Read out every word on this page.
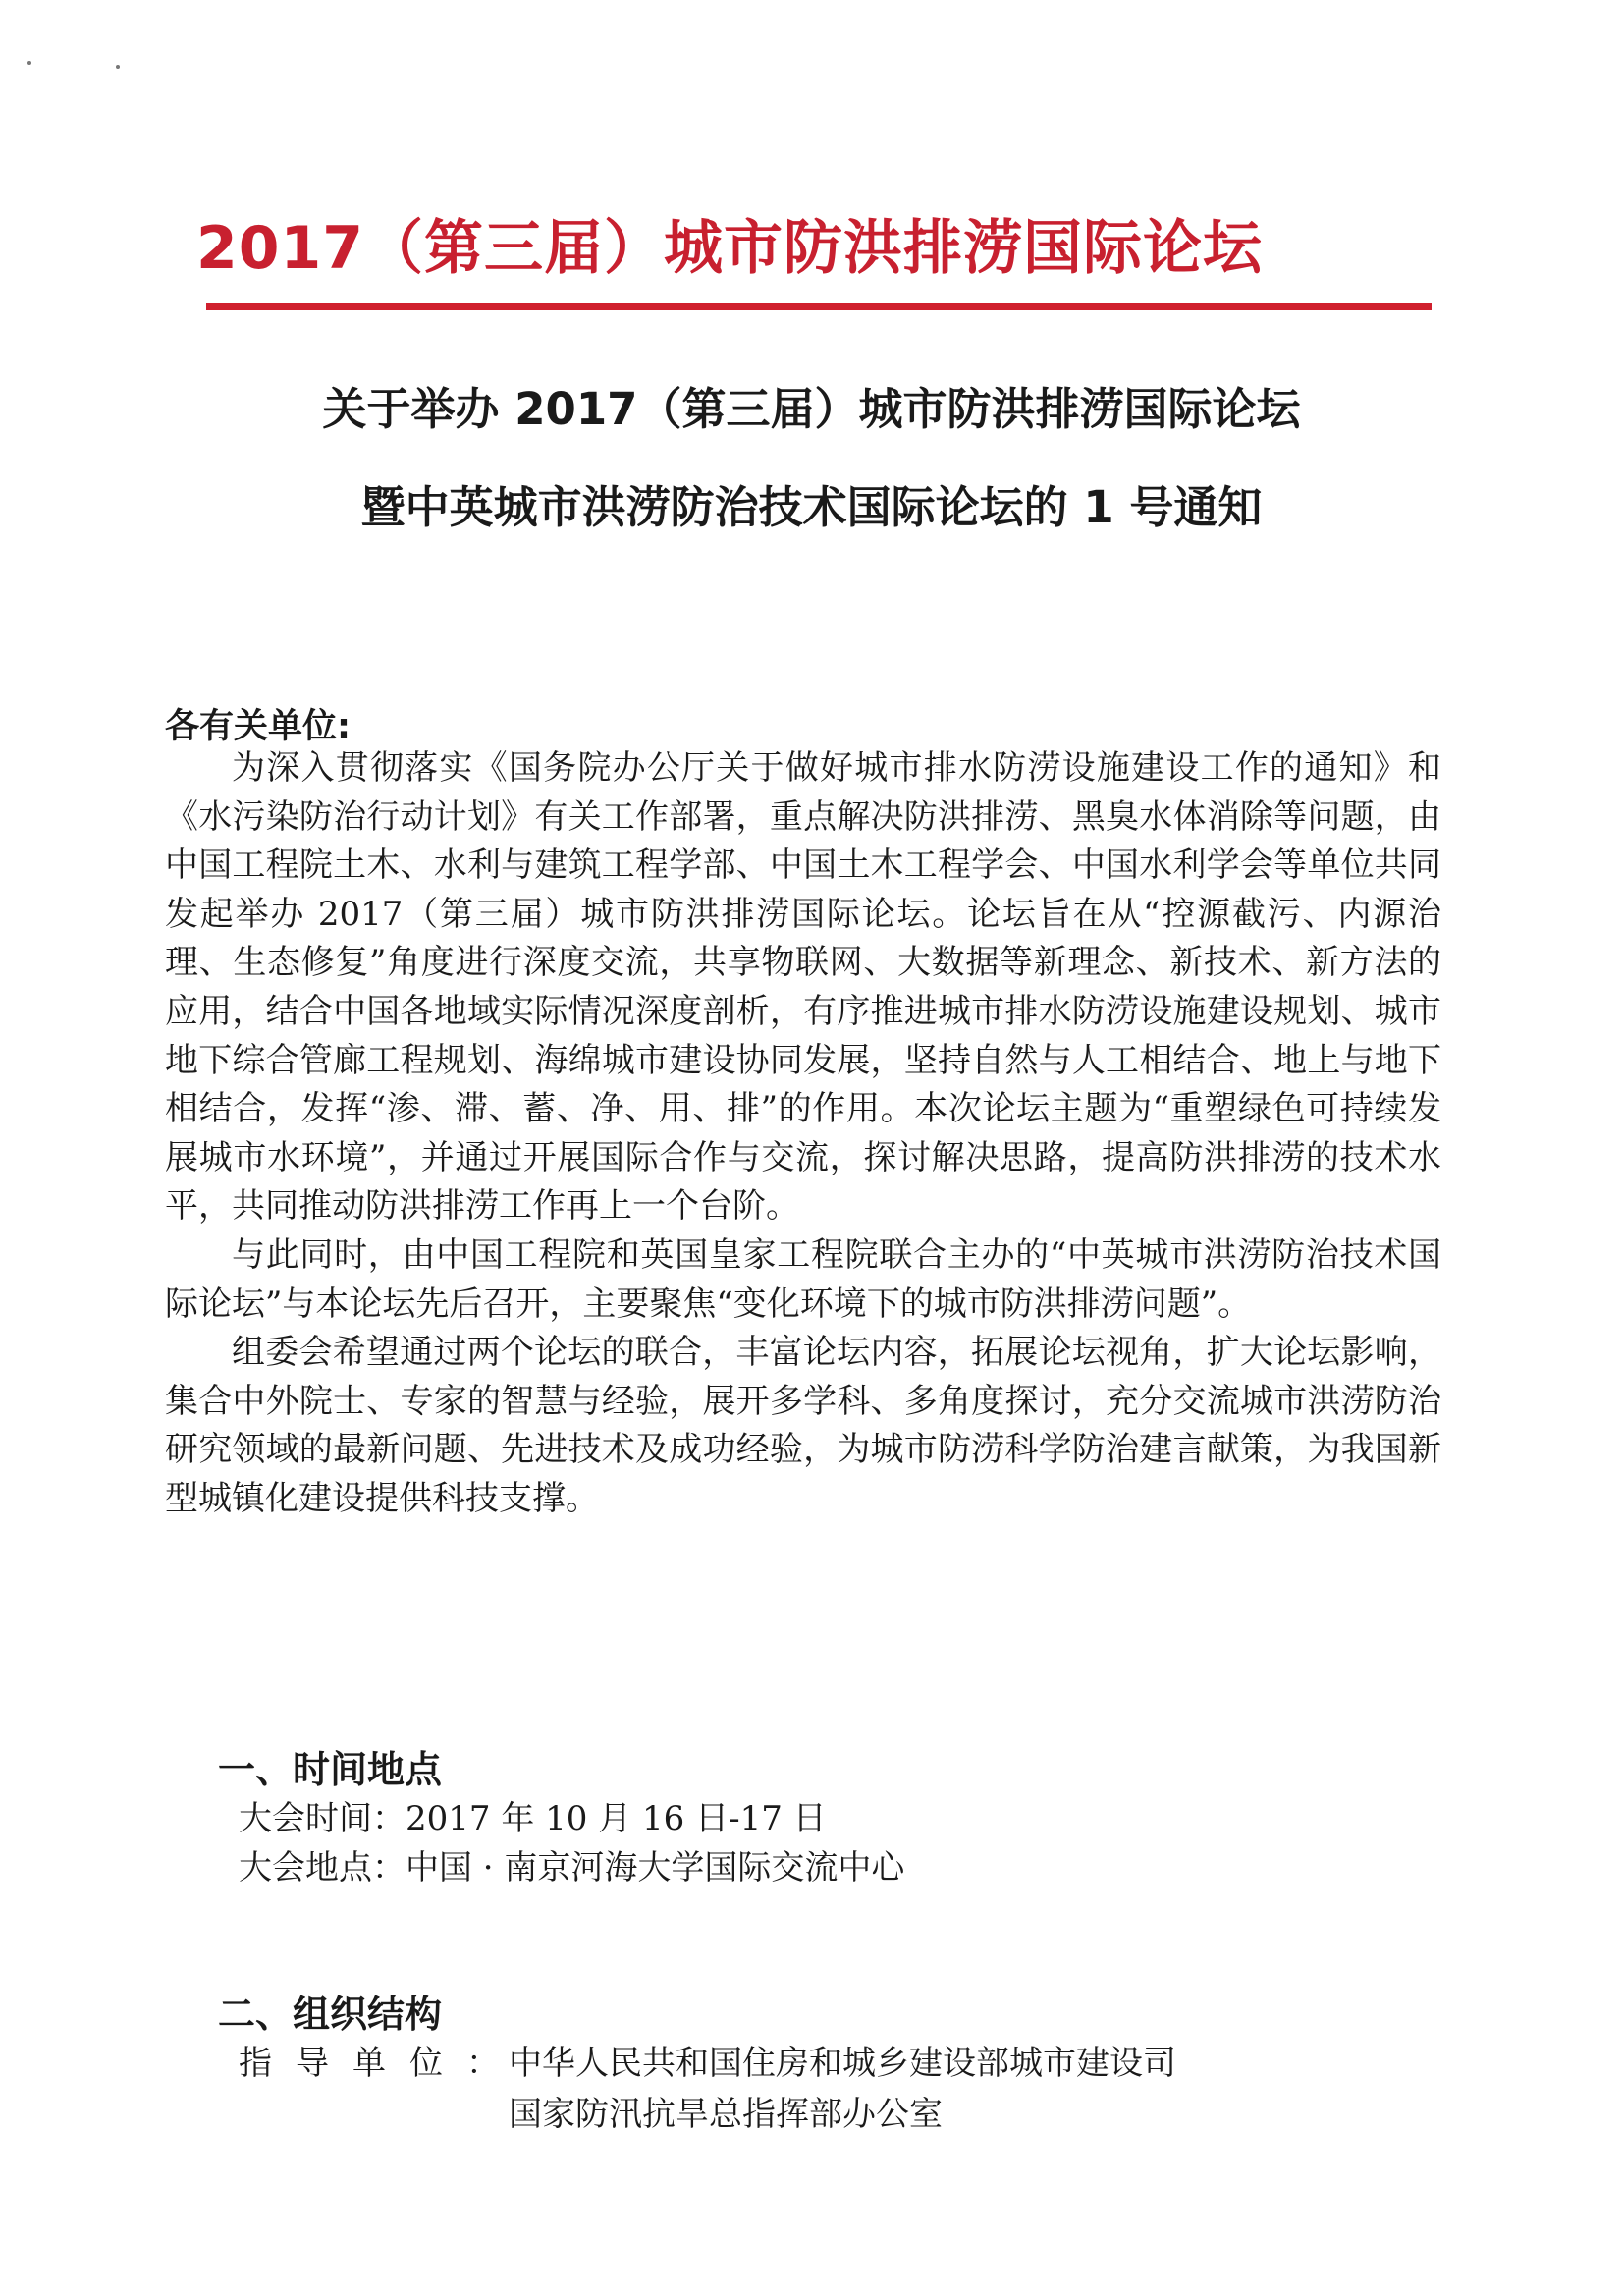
2017（第三届）城市防洪排涝国际论坛
关于举办 2017（第三届）城市防洪排涝国际论坛
暨中英城市洪涝防治技术国际论坛的 1 号通知
各有关单位:

为深入贯彻落实《国务院办公厅关于做好城市排水防涝设施建设工作的通知》和《水污染防治行动计划》有关工作部署，重点解决防洪排涝、黑臭水体消除等问题，由中国工程院土木、水利与建筑工程学部、中国土木工程学会、中国水利学会等单位共同发起举办 2017（第三届）城市防洪排涝国际论坛。论坛旨在从“控源截污、内源治理、生态修复”角度进行深度交流，共享物联网、大数据等新理念、新技术、新方法的应用，结合中国各地域实际情况深度剖析，有序推进城市排水防涝设施建设规划、城市地下综合管廊工程规划、海绵城市建设协同发展，坚持自然与人工相结合、地上与地下相结合，发挥“渗、滞、蓄、净、用、排”的作用。本次论坛主题为“重塑绿色可持续发展城市水环境”，并通过开展国际合作与交流，探讨解决思路，提高防洪排涝的技术水平，共同推动防洪排涝工作再上一个台阶。

与此同时，由中国工程院和英国皇家工程院联合主办的“中英城市洪涝防治技术国际论坛”与本论坛先后召开，主要聚焦“变化环境下的城市防洪排涝问题”。

组委会希望通过两个论坛的联合，丰富论坛内容，拓展论坛视角，扩大论坛影响，集合中外院士、专家的智慧与经验，展开多学科、多角度探讨，充分交流城市洪涝防治研究领域的最新问题、先进技术及成功经验，为城市防涝科学防治建言献策，为我国新型城镇化建设提供科技支撑。

一、时间地点
大会时间：2017 年 10 月 16 日-17 日
大会地点：中国 · 南京河海大学国际交流中心
二、组织结构
指导单位：
中华人民共和国住房和城乡建设部城市建设司
国家防汛抗旱总指挥部办公室
